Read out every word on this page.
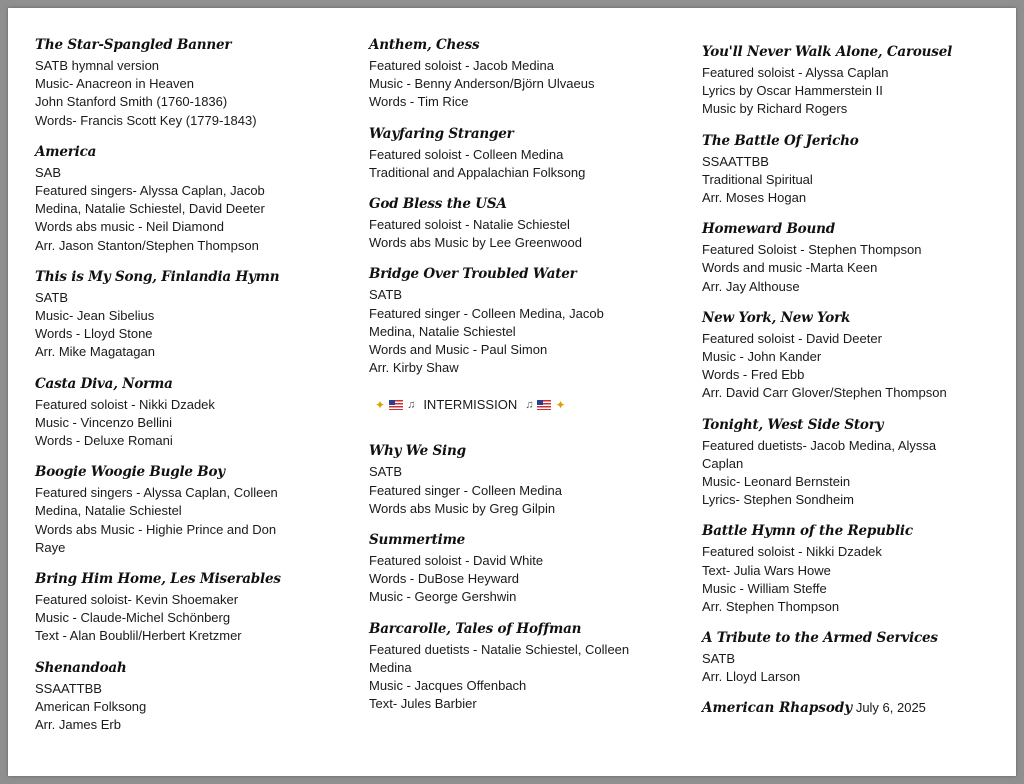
The Star-Spangled Banner
SATB hymnal version
Music- Anacreon in Heaven
John Stanford Smith (1760-1836)
Words- Francis Scott Key (1779-1843)
America
SAB
Featured singers- Alyssa Caplan, Jacob
Medina, Natalie Schiestel, David Deeter
Words abs music - Neil Diamond
Arr. Jason Stanton/Stephen Thompson
This is My Song, Finlandia Hymn
SATB
Music- Jean Sibelius
Words - Lloyd Stone
Arr. Mike Magatagan
Casta Diva, Norma
Featured soloist - Nikki Dzadek
Music - Vincenzo Bellini
Words - Deluxe Romani
Boogie Woogie Bugle Boy
Featured singers - Alyssa Caplan, Colleen
Medina, Natalie Schiestel
Words abs Music - Highie Prince and Don
Raye
Bring Him Home, Les Miserables
Featured soloist- Kevin Shoemaker
Music - Claude-Michel Schönberg
Text - Alan Boublil/Herbert Kretzmer
Shenandoah
SSAATTBB
American Folksong
Arr. James Erb
Anthem, Chess
Featured soloist - Jacob Medina
Music - Benny Anderson/Björn Ulvaeus
Words - Tim Rice
Wayfaring Stranger
Featured soloist - Colleen Medina
Traditional and Appalachian Folksong
God Bless the USA
Featured soloist - Natalie Schiestel
Words abs Music by Lee Greenwood
Bridge Over Troubled Water
SATB
Featured singer - Colleen Medina, Jacob
Medina, Natalie Schiestel
Words and Music - Paul Simon
Arr. Kirby Shaw
✦ ♫ INTERMISSION ♫ ✦
Why We Sing
SATB
Featured singer - Colleen Medina
Words abs Music by Greg Gilpin
Summertime
Featured soloist - David White
Words - DuBose Heyward
Music - George Gershwin
Barcarolle, Tales of Hoffman
Featured duetists - Natalie Schiestel, Colleen
Medina
Music - Jacques Offenbach
Text- Jules Barbier
You'll Never Walk Alone, Carousel
Featured soloist - Alyssa Caplan
Lyrics by Oscar Hammerstein II
Music by Richard Rogers
The Battle Of Jericho
SSAATTBB
Traditional Spiritual
Arr. Moses Hogan
Homeward Bound
Featured Soloist - Stephen Thompson
Words and music -Marta Keen
Arr. Jay Althouse
New York, New York
Featured soloist - David Deeter
Music - John Kander
Words - Fred Ebb
Arr. David Carr Glover/Stephen Thompson
Tonight, West Side Story
Featured duetists- Jacob Medina, Alyssa
Caplan
Music- Leonard Bernstein
Lyrics- Stephen Sondheim
Battle Hymn of the Republic
Featured soloist - Nikki Dzadek
Text- Julia Wars Howe
Music - William Steffe
Arr. Stephen Thompson
A Tribute to the Armed Services
SATB
Arr. Lloyd Larson
American Rhapsody July 6, 2025
